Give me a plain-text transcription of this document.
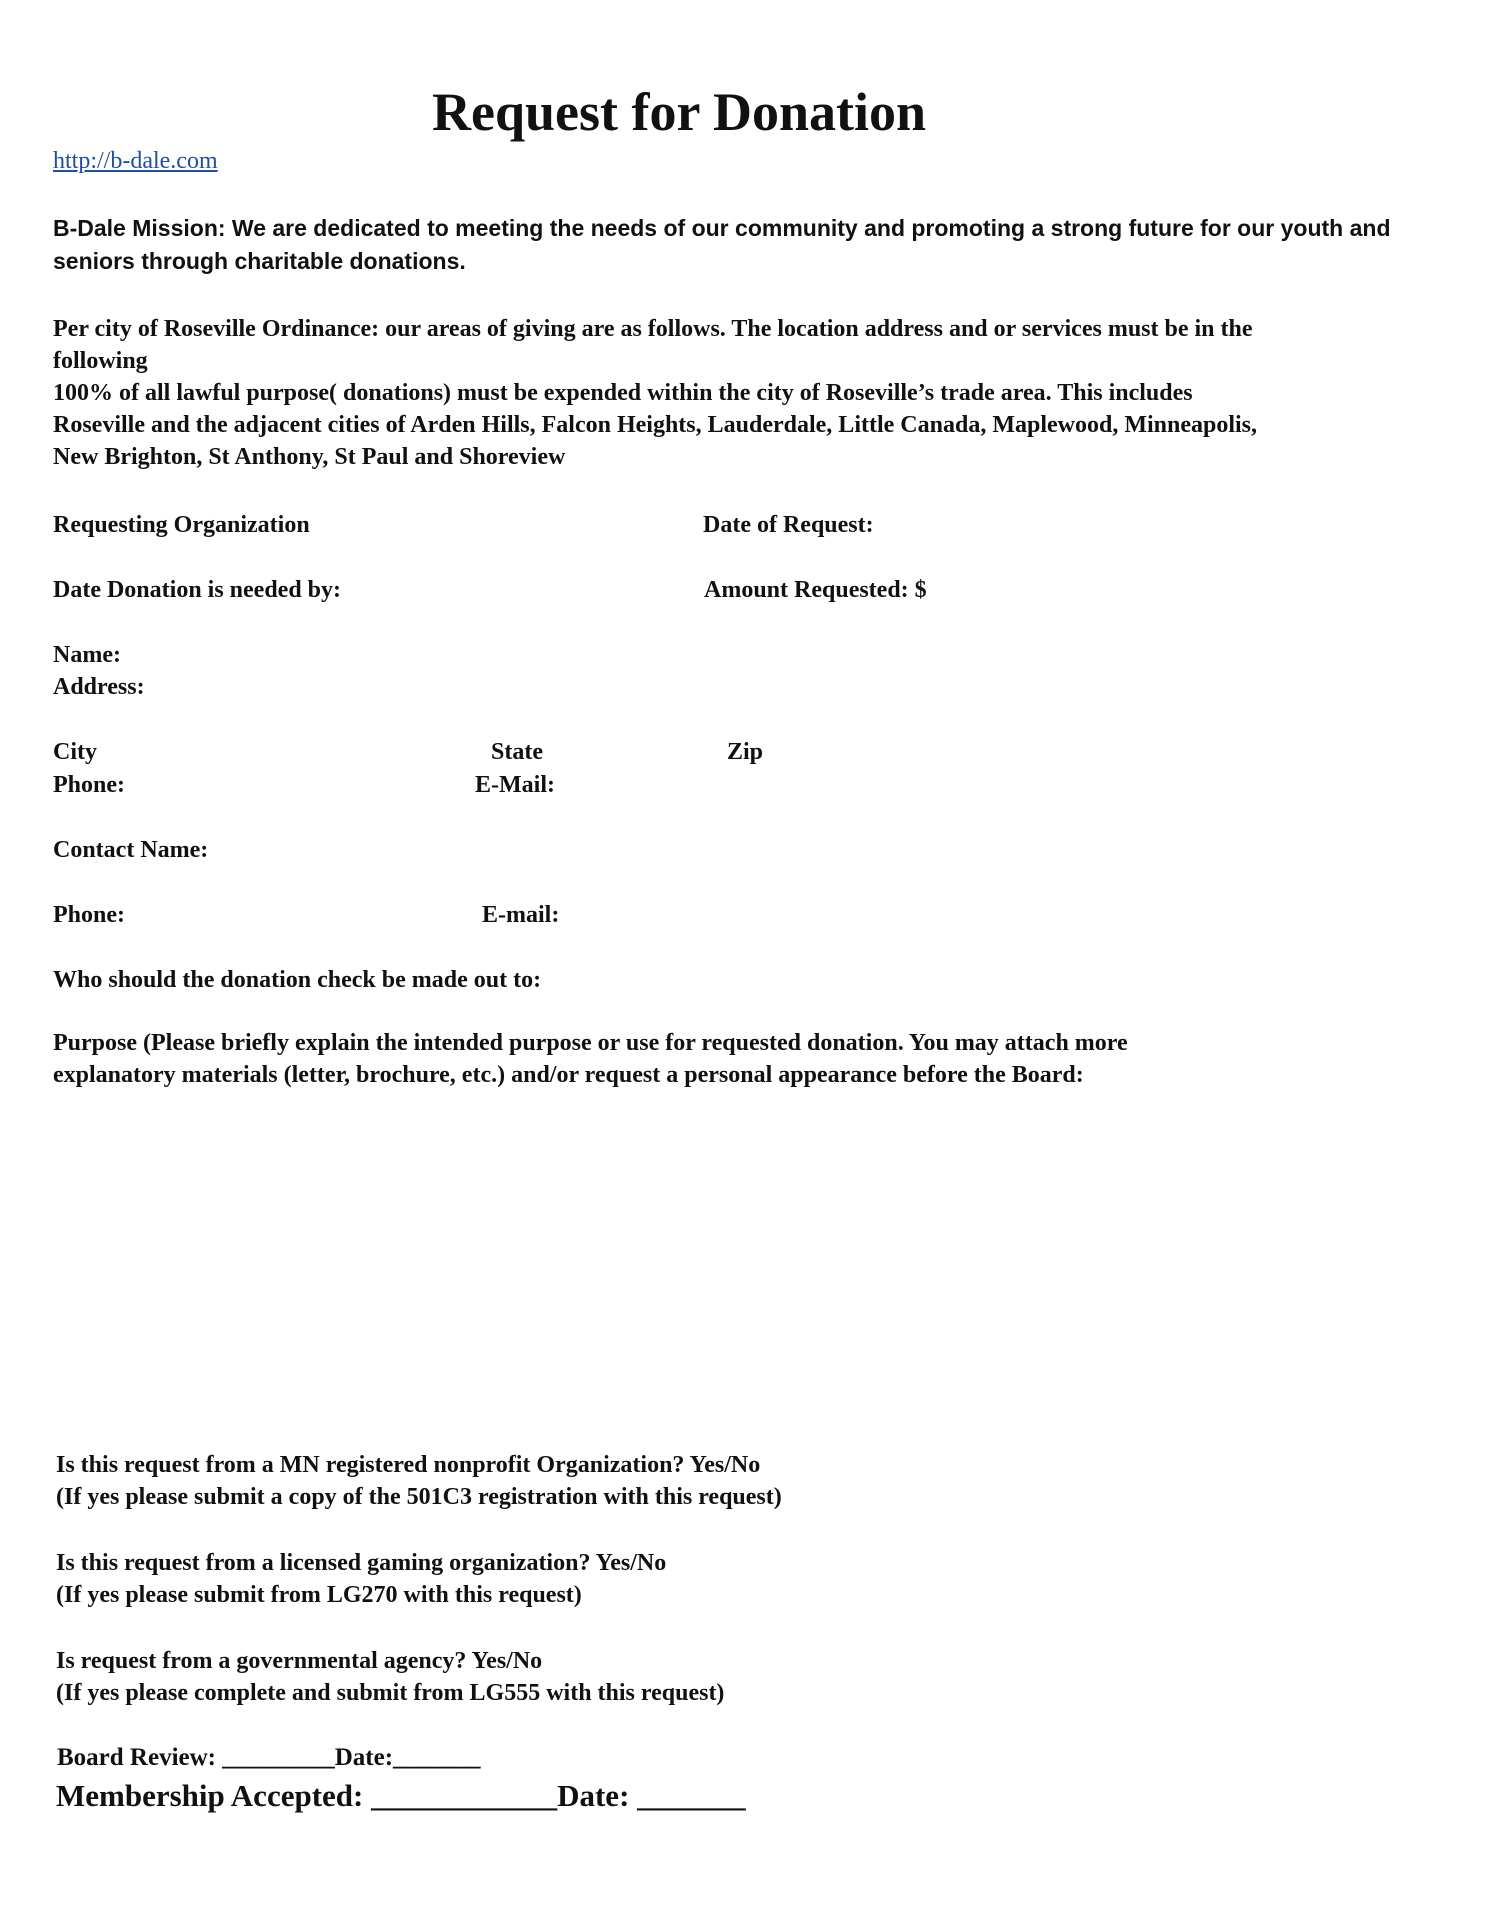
Request for Donation
http://b-dale.com
B-Dale Mission: We are dedicated to meeting the needs of our community and promoting a strong future for our youth and seniors through charitable donations.
Per city of Roseville Ordinance: our areas of giving are as follows. The location address and or services must be in the
following
100% of all lawful purpose( donations) must be expended within the city of Roseville’s trade area. This includes
Roseville and the adjacent cities of Arden Hills, Falcon Heights, Lauderdale, Little Canada, Maplewood, Minneapolis,
New Brighton, St Anthony, St Paul and Shoreview
Requesting Organization	Date of Request:
Date Donation is needed by:	Amount Requested: $
Name:
Address:
City	State	Zip
Phone:	E-Mail:
Contact Name:
Phone:	E-mail:
Who should the donation check be made out to:
Purpose (Please briefly explain the intended purpose or use for requested donation. You may attach more
explanatory materials (letter, brochure, etc.) and/or request a personal appearance before the Board:
Is this request from a MN registered nonprofit Organization? Yes/No
(If yes please submit a copy of the 501C3 registration with this request)
Is this request from a licensed gaming organization? Yes/No
(If yes please submit from LG270 with this request)
Is request from a governmental agency? Yes/No
(If yes please complete and submit from LG555 with this request)
Board Review: _________Date:_______
Membership Accepted: ____________Date: _______
